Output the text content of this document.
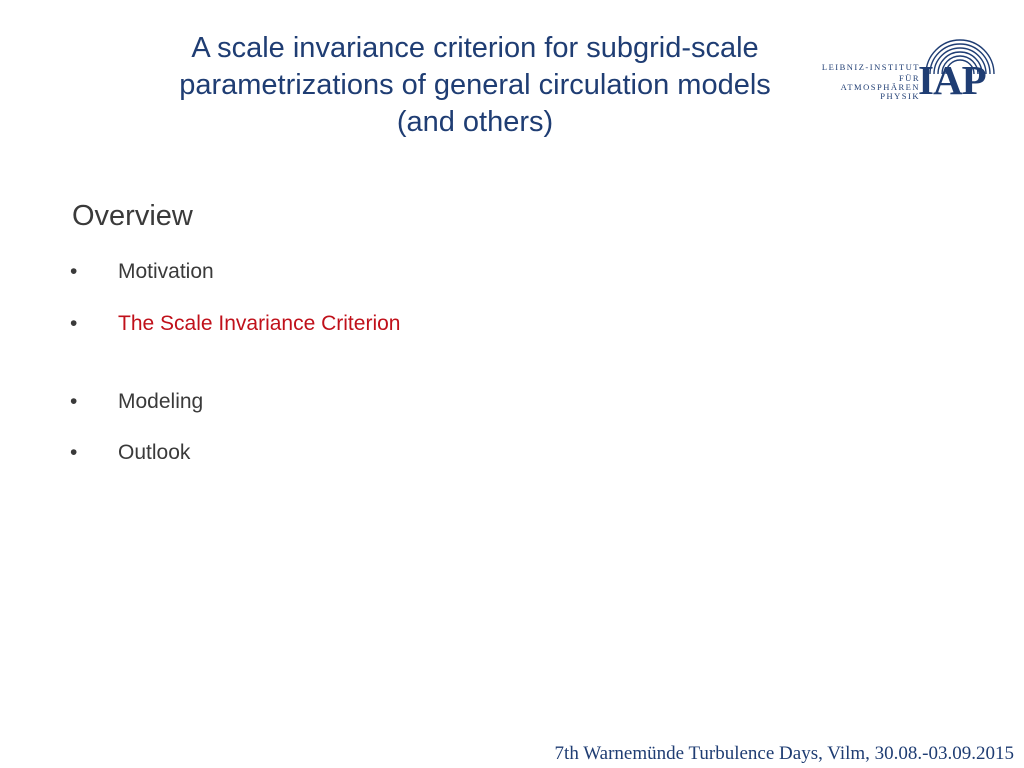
A scale invariance criterion for subgrid-scale
parametrizations of general circulation models
(and others)
LEIBNIZ-INSTITUT
FÜR
ATMOSPHÄREN
PHYSIK
IAP
Overview
• Motivation
• The Scale Invariance Criterion
• Modeling
• Outlook
7th Warnemünde Turbulence Days, Vilm, 30.08.-03.09.2015
